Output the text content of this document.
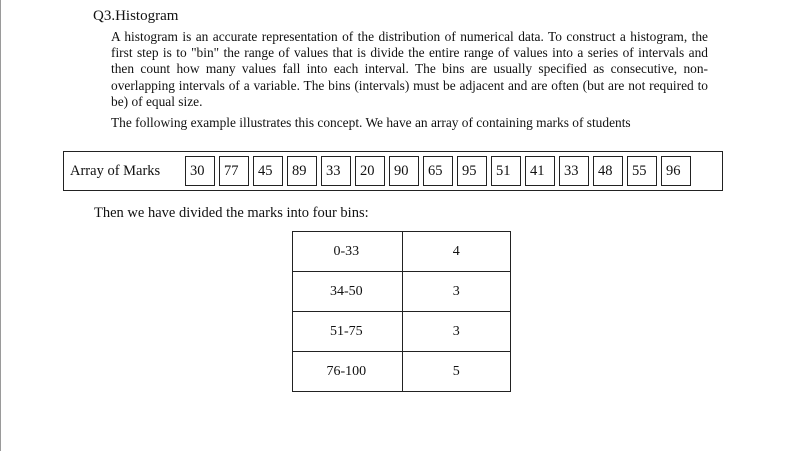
Q3.Histogram
A histogram is an accurate representation of the distribution of numerical data. To construct a histogram, the first step is to "bin" the range of values that is divide the entire range of values into a series of intervals and then count how many values fall into each interval. The bins are usually specified as consecutive, non-overlapping intervals of a variable. The bins (intervals) must be adjacent and are often (but are not required to be) of equal size.
The following example illustrates this concept. We have an array of containing marks of students
Array of Marks	30	77	45	89	33	20	90	65	95	51	41	33	48	55	96
Then we have divided the marks into four bins:
0-33	4
34-50	3
51-75	3
76-100	5
